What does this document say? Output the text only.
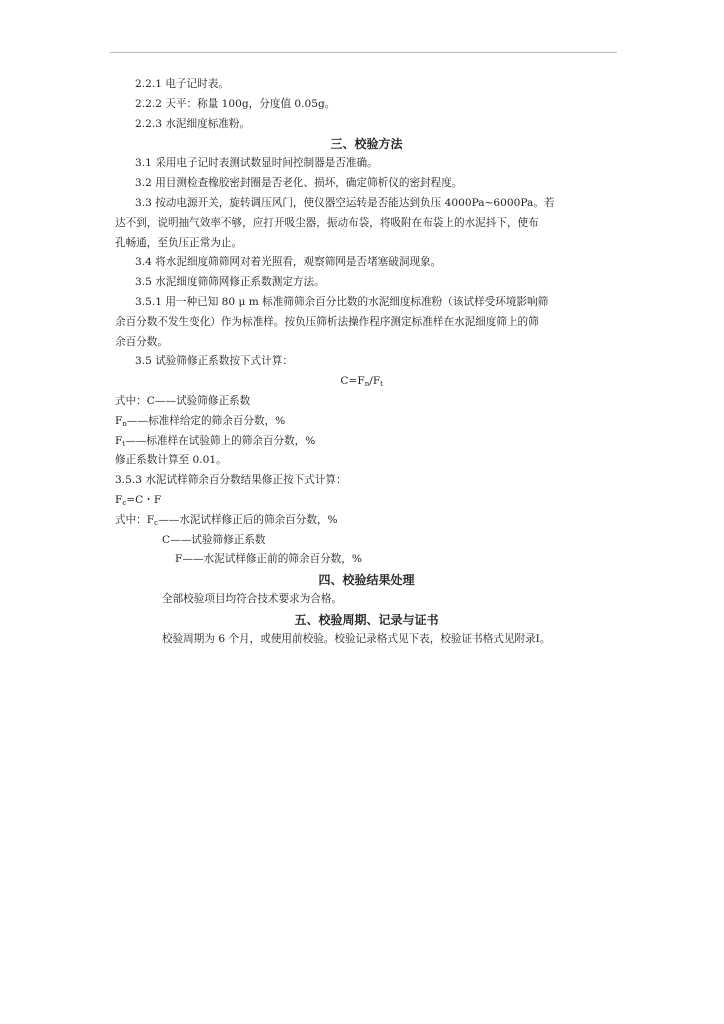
2.2.1 电子记时表。
2.2.2 天平：称量 100g，分度值 0.05g。
2.2.3 水泥细度标准粉。
三、校验方法
3.1 采用电子记时表测试数显时间控制器是否准确。
3.2 用目测检查橡胶密封圈是否老化、损坏，确定筛析仪的密封程度。
3.3 按动电源开关，旋转调压风门，使仪器空运转是否能达到负压 4000Pa~6000Pa。若
达不到，说明抽气效率不够，应打开吸尘器，振动布袋，将吸附在布袋上的水泥抖下，使布
孔畅通，至负压正常为止。
3.4 将水泥细度筛筛网对着光照看，观察筛网是否堵塞破洞现象。
3.5 水泥细度筛筛网修正系数测定方法。
3.5.1 用一种已知 80 μ m 标准筛筛余百分比数的水泥细度标准粉（该试样受环境影响筛
余百分数不发生变化）作为标准样。按负压筛析法操作程序测定标准样在水泥细度筛上的筛
余百分数。
3.5 试验筛修正系数按下式计算：
$C=F_n/F_t$
式中：C——试验筛修正系数
$F_n——$标准样给定的筛余百分数，%
$F_t——$标准样在试验筛上的筛余百分数，%
修正系数计算至 0.01。
3.5.3 水泥试样筛余百分数结果修正按下式计算：
$F_c=C$・F
式中：$F_c——$水泥试样修正后的筛余百分数，%
C——试验筛修正系数
F——水泥试样修正前的筛余百分数，%
四、校验结果处理
全部校验项目均符合技术要求为合格。
五、校验周期、记录与证书
校验周期为 6 个月，或使用前校验。校验记录格式见下表，校验证书格式见附录Ⅰ。
